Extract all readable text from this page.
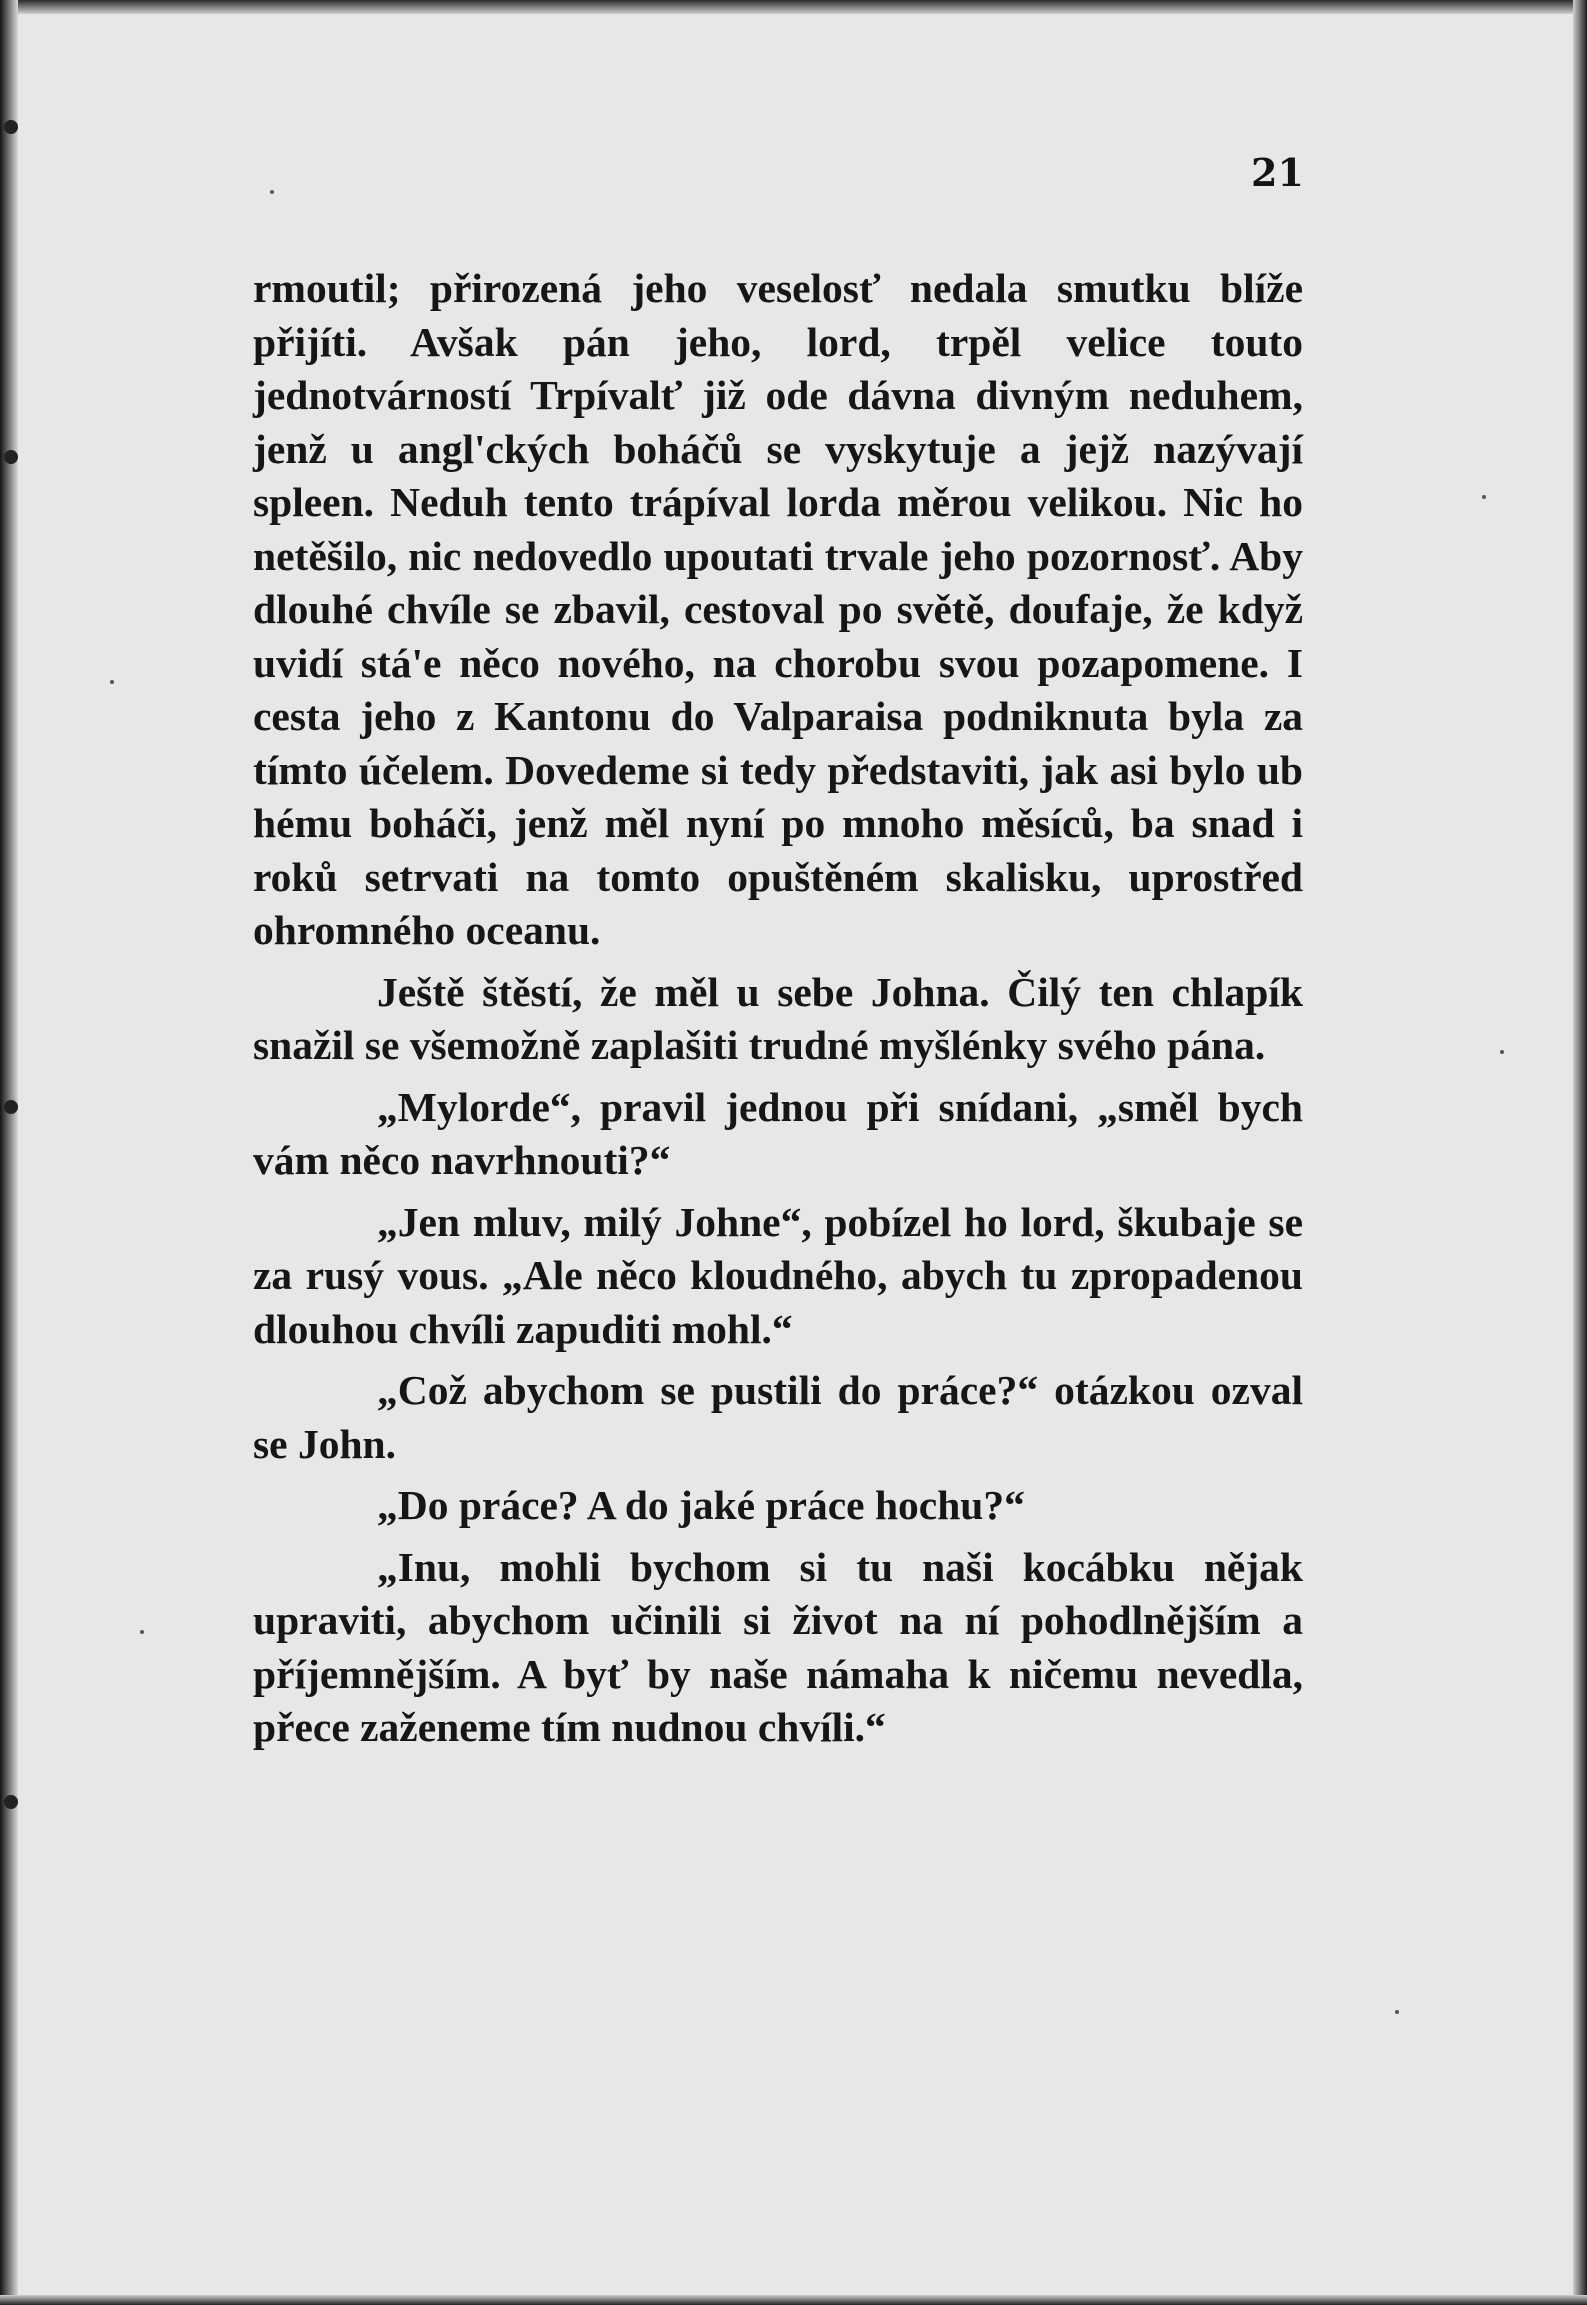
21

rmoutil; přirozená jeho veselosť nedala smutku blíže přijíti. Avšak pán jeho, lord, trpěl velice touto jednotvárností Trpívalť již ode dávna divným neduhem, jenž u angl'ckých boháčů se vyskytuje a jejž nazývají spleen. Neduh tento trápíval lorda měrou velikou. Nic ho netěšilo, nic nedovedlo upoutati trvale jeho pozornosť. Aby dlouhé chvíle se zbavil, cestoval po světě, doufaje, že když uvidí stá'e něco nového, na chorobu svou pozapomene. I cesta jeho z Kantonu do Valparaisa podniknuta byla za tímto účelem. Dovedeme si tedy představiti, jak asi bylo ub hému boháči, jenž měl nyní po mnoho měsíců, ba snad i roků setrvati na tomto opuštěném skalisku, uprostřed ohromného oceanu.

Ještě štěstí, že měl u sebe Johna. Čilý ten chlapík snažil se všemožně zaplašiti trudné myšlénky svého pána.

„Mylorde“, pravil jednou při snídani, „směl bych vám něco navrhnouti?“

„Jen mluv, milý Johne“, pobízel ho lord, škubaje se za rusý vous. „Ale něco kloudného, abych tu zpropadenou dlouhou chvíli zapuditi mohl.“

„Což abychom se pustili do práce?“ otázkou ozval se John.

„Do práce? A do jaké práce hochu?“

„Inu, mohli bychom si tu naši kocábku nějak upraviti, abychom učinili si život na ní pohodlnějším a příjemnějším. A byť by naše námaha k ničemu nevedla, přece zaženeme tím nudnou chvíli.“
